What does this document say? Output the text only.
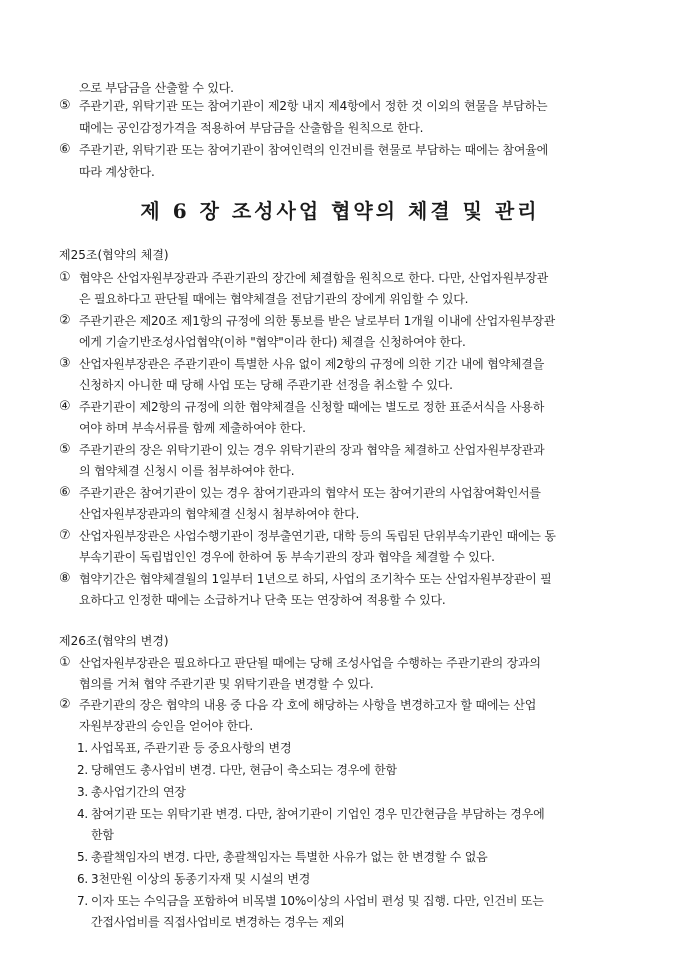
으로 부담금을 산출할 수 있다.
⑤ 주관기관, 위탁기관 또는 참여기관이 제2항 내지 제4항에서 정한 것 이외의 현물을 부담하는
때에는 공인감정가격을 적용하여 부담금을 산출함을 원칙으로 한다.
⑥ 주관기관, 위탁기관 또는 참여기관이 참여인력의 인건비를 현물로 부담하는 때에는 참여율에
따라 계상한다.
제 6 장 조성사업 협약의 체결 및 관리
제25조(협약의 체결)
① 협약은 산업자원부장관과 주관기관의 장간에 체결함을 원칙으로 한다. 다만, 산업자원부장관
은 필요하다고 판단될 때에는 협약체결을 전담기관의 장에게 위임할 수 있다.
② 주관기관은 제20조 제1항의 규정에 의한 통보를 받은 날로부터 1개월 이내에 산업자원부장관
에게 기술기반조성사업협약(이하 "협약"이라 한다) 체결을 신청하여야 한다.
③ 산업자원부장관은 주관기관이 특별한 사유 없이 제2항의 규정에 의한 기간 내에 협약체결을
신청하지 아니한 때 당해 사업 또는 당해 주관기관 선정을 취소할 수 있다.
④ 주관기관이 제2항의 규정에 의한 협약체결을 신청할 때에는 별도로 정한 표준서식을 사용하
여야 하며 부속서류를 함께 제출하여야 한다.
⑤ 주관기관의 장은 위탁기관이 있는 경우 위탁기관의 장과 협약을 체결하고 산업자원부장관과
의 협약체결 신청시 이를 첨부하여야 한다.
⑥ 주관기관은 참여기관이 있는 경우 참여기관과의 협약서 또는 참여기관의 사업참여확인서를
산업자원부장관과의 협약체결 신청시 첨부하여야 한다.
⑦ 산업자원부장관은 사업수행기관이 정부출연기관, 대학 등의 독립된 단위부속기관인 때에는 동
부속기관이 독립법인인 경우에 한하여 동 부속기관의 장과 협약을 체결할 수 있다.
⑧ 협약기간은 협약체결월의 1일부터 1년으로 하되, 사업의 조기착수 또는 산업자원부장관이 필
요하다고 인정한 때에는 소급하거나 단축 또는 연장하여 적용할 수 있다.
제26조(협약의 변경)
① 산업자원부장관은 필요하다고 판단될 때에는 당해 조성사업을 수행하는 주관기관의 장과의
협의를 거쳐 협약 주관기관 및 위탁기관을 변경할 수 있다.
② 주관기관의 장은 협약의 내용 중 다음 각 호에 해당하는 사항을 변경하고자 할 때에는 산업
자원부장관의 승인을 얻어야 한다.
1. 사업목표, 주관기관 등 중요사항의 변경
2. 당해연도 총사업비 변경. 다만, 현금이 축소되는 경우에 한함
3. 총사업기간의 연장
4. 참여기관 또는 위탁기관 변경. 다만, 참여기관이 기업인 경우 민간현금을 부담하는 경우에
한함
5. 총괄책임자의 변경. 다만, 총괄책임자는 특별한 사유가 없는 한 변경할 수 없음
6. 3천만원 이상의 동종기자재 및 시설의 변경
7. 이자 또는 수익금을 포함하여 비목별 10%이상의 사업비 편성 및 집행. 다만, 인건비 또는
간접사업비를 직접사업비로 변경하는 경우는 제외
